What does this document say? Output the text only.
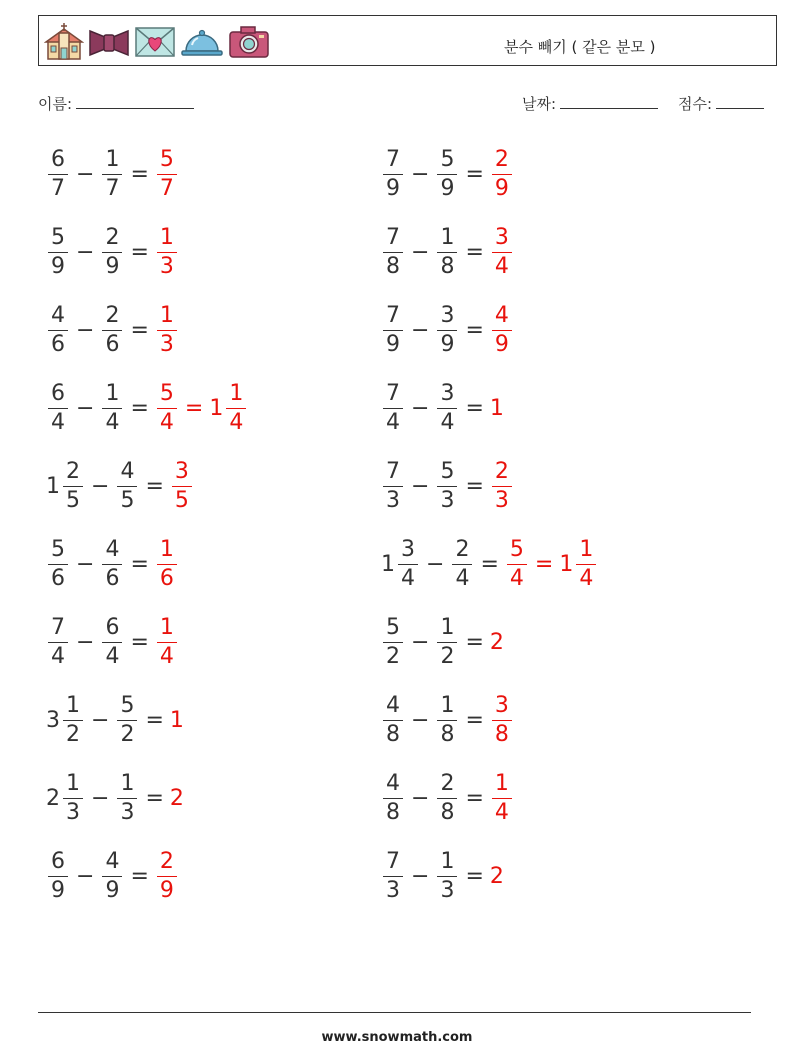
분수 빼기 ( 같은 분모 )
이름:	날짜:	점수:
$\frac{6}{7} - \frac{1}{7} = \frac{5}{7}$
$\frac{5}{9} - \frac{2}{9} = \frac{1}{3}$
$\frac{4}{6} - \frac{2}{6} = \frac{1}{3}$
$\frac{6}{4} - \frac{1}{4} = \frac{5}{4} = 1 \frac{1}{4}$
$1 \frac{2}{5} - \frac{4}{5} = \frac{3}{5}$
$\frac{5}{6} - \frac{4}{6} = \frac{1}{6}$
$\frac{7}{4} - \frac{6}{4} = \frac{1}{4}$
$3 \frac{1}{2} - \frac{5}{2} = 1$
$2 \frac{1}{3} - \frac{1}{3} = 2$
$\frac{6}{9} - \frac{4}{9} = \frac{2}{9}$
$\frac{7}{9} - \frac{5}{9} = \frac{2}{9}$
$\frac{7}{8} - \frac{1}{8} = \frac{3}{4}$
$\frac{7}{9} - \frac{3}{9} = \frac{4}{9}$
$\frac{7}{4} - \frac{3}{4} = 1$
$\frac{7}{3} - \frac{5}{3} = \frac{2}{3}$
$1 \frac{3}{4} - \frac{2}{4} = \frac{5}{4} = 1 \frac{1}{4}$
$\frac{5}{2} - \frac{1}{2} = 2$
$\frac{4}{8} - \frac{1}{8} = \frac{3}{8}$
$\frac{4}{8} - \frac{2}{8} = \frac{1}{4}$
$\frac{7}{3} - \frac{1}{3} = 2$
www.snowmath.com
